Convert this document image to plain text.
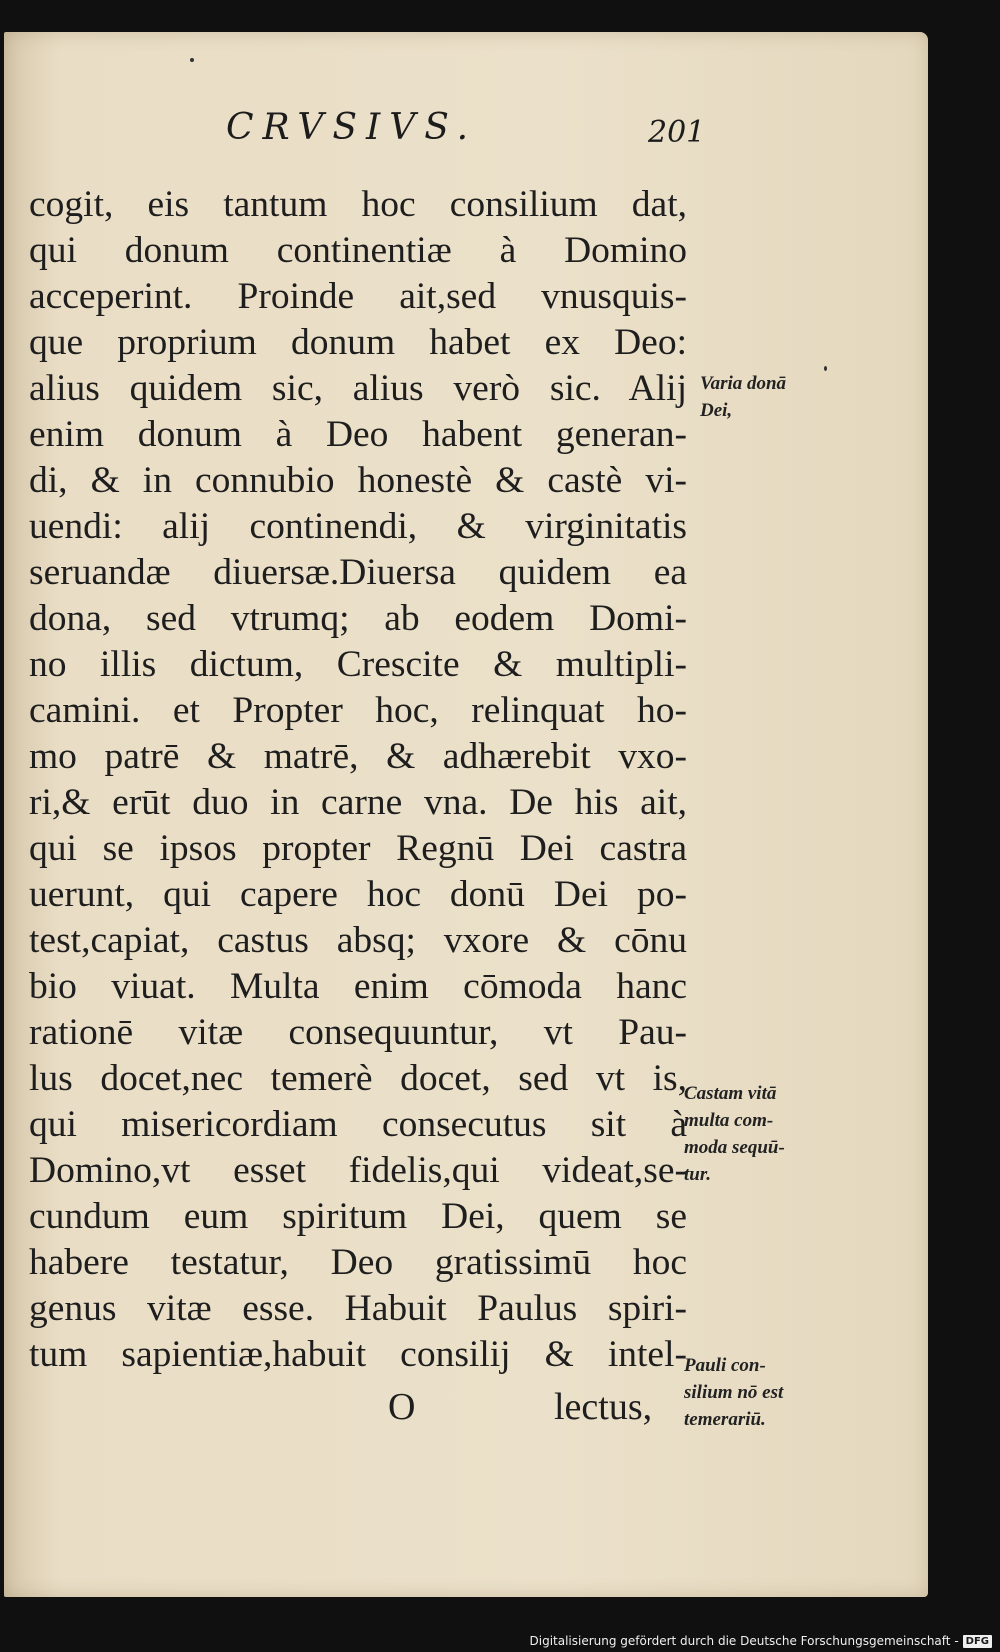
CRVSIVS.	201
cogit, eis tantum hoc consilium dat,
qui donum continentiæ à Domino
acceperint. Proinde ait,sed vnusquis-
que proprium donum habet ex Deo:
alius quidem sic, alius verò sic. Alij
enim donum à Deo habent generan-
di, & in connubio honestè & castè vi-
uendi: alij continendi, & virginitatis
seruandæ diuersæ.Diuersa quidem ea
dona, sed vtrumq; ab eodem Domi-
no illis dictum, Crescite & multipli-
camini. et Propter hoc, relinquat ho-
mo patrē & matrē, & adhærebit vxo-
ri,& erūt duo in carne vna. De his ait,
qui se ipsos propter Regnū Dei castra
uerunt, qui capere hoc donū Dei po-
test,capiat, castus absq; vxore & cōnu
bio viuat. Multa enim cōmoda hanc
rationē vitæ consequuntur, vt Pau-
lus docet,nec temerè docet, sed vt is,
qui misericordiam consecutus sit à
Domino,vt esset fidelis,qui videat,se-
cundum eum spiritum Dei, quem se
habere testatur, Deo gratissimū hoc
genus vitæ esse. Habuit Paulus spiri-
tum sapientiæ,habuit consilij & intel-
O	lectus,
Varia donā
Dei,
Castam vitā
multa com-
moda sequū-
tur.
Pauli con-
silium nō est
temerariū.
Digitalisierung gefördert durch die Deutsche Forschungsgemeinschaft - DFG
